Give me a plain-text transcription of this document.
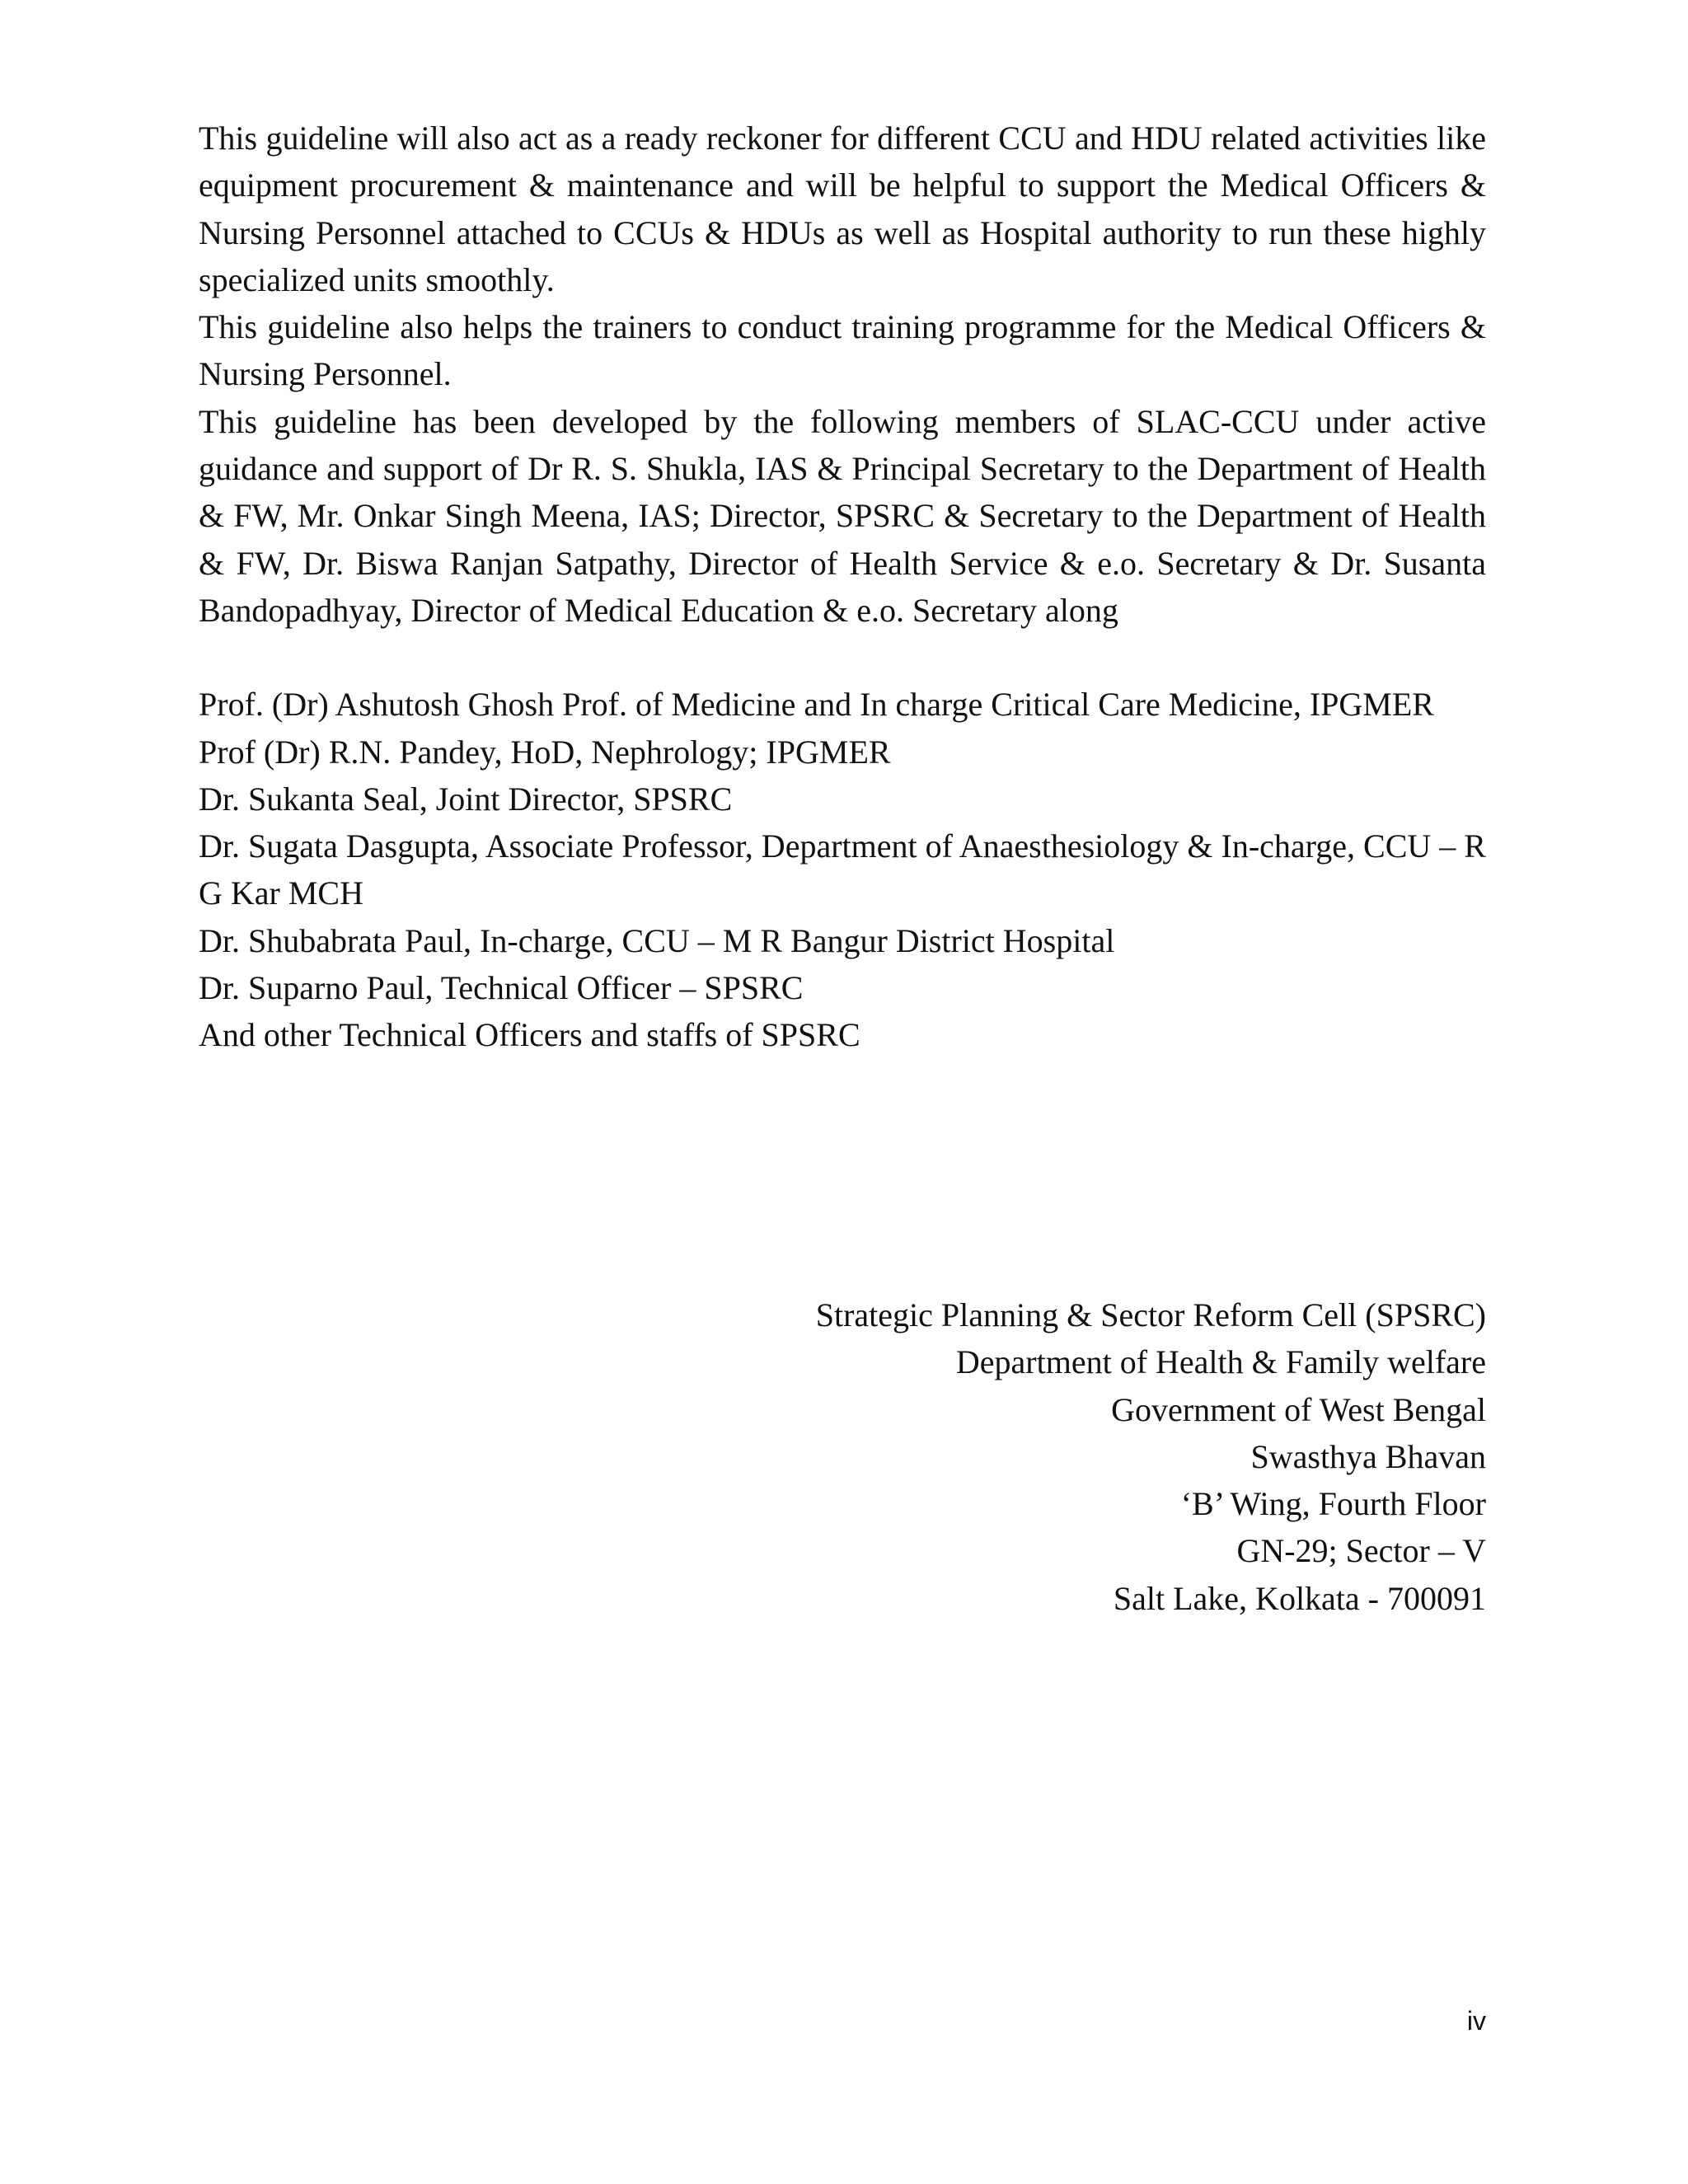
This guideline will also act as a ready reckoner for different CCU and HDU related activities like equipment procurement & maintenance and will be helpful to support the Medical Officers & Nursing Personnel attached to CCUs & HDUs as well as Hospital authority to run these highly specialized units smoothly.

This guideline also helps the trainers to conduct training programme for the Medical Officers & Nursing Personnel.

This guideline has been developed by the following members of SLAC-CCU under active guidance and support of Dr R. S. Shukla, IAS & Principal Secretary to the Department of Health & FW, Mr. Onkar Singh Meena, IAS; Director, SPSRC & Secretary to the Department of Health & FW, Dr. Biswa Ranjan Satpathy, Director of Health Service & e.o. Secretary & Dr. Susanta Bandopadhyay, Director of Medical Education & e.o. Secretary along

Prof. (Dr) Ashutosh Ghosh Prof. of Medicine and In charge Critical Care Medicine, IPGMER

Prof (Dr) R.N. Pandey, HoD, Nephrology; IPGMER

Dr. Sukanta Seal, Joint Director, SPSRC

Dr. Sugata Dasgupta, Associate Professor, Department of Anaesthesiology & In-charge, CCU – R G Kar MCH

Dr. Shubabrata Paul, In-charge, CCU – M R Bangur District Hospital

Dr. Suparno Paul, Technical Officer – SPSRC

And other Technical Officers and staffs of SPSRC

Strategic Planning & Sector Reform Cell (SPSRC)
Department of Health & Family welfare
Government of West Bengal
Swasthya Bhavan
‘B’ Wing, Fourth Floor
GN-29; Sector – V
Salt Lake, Kolkata - 700091
iv
